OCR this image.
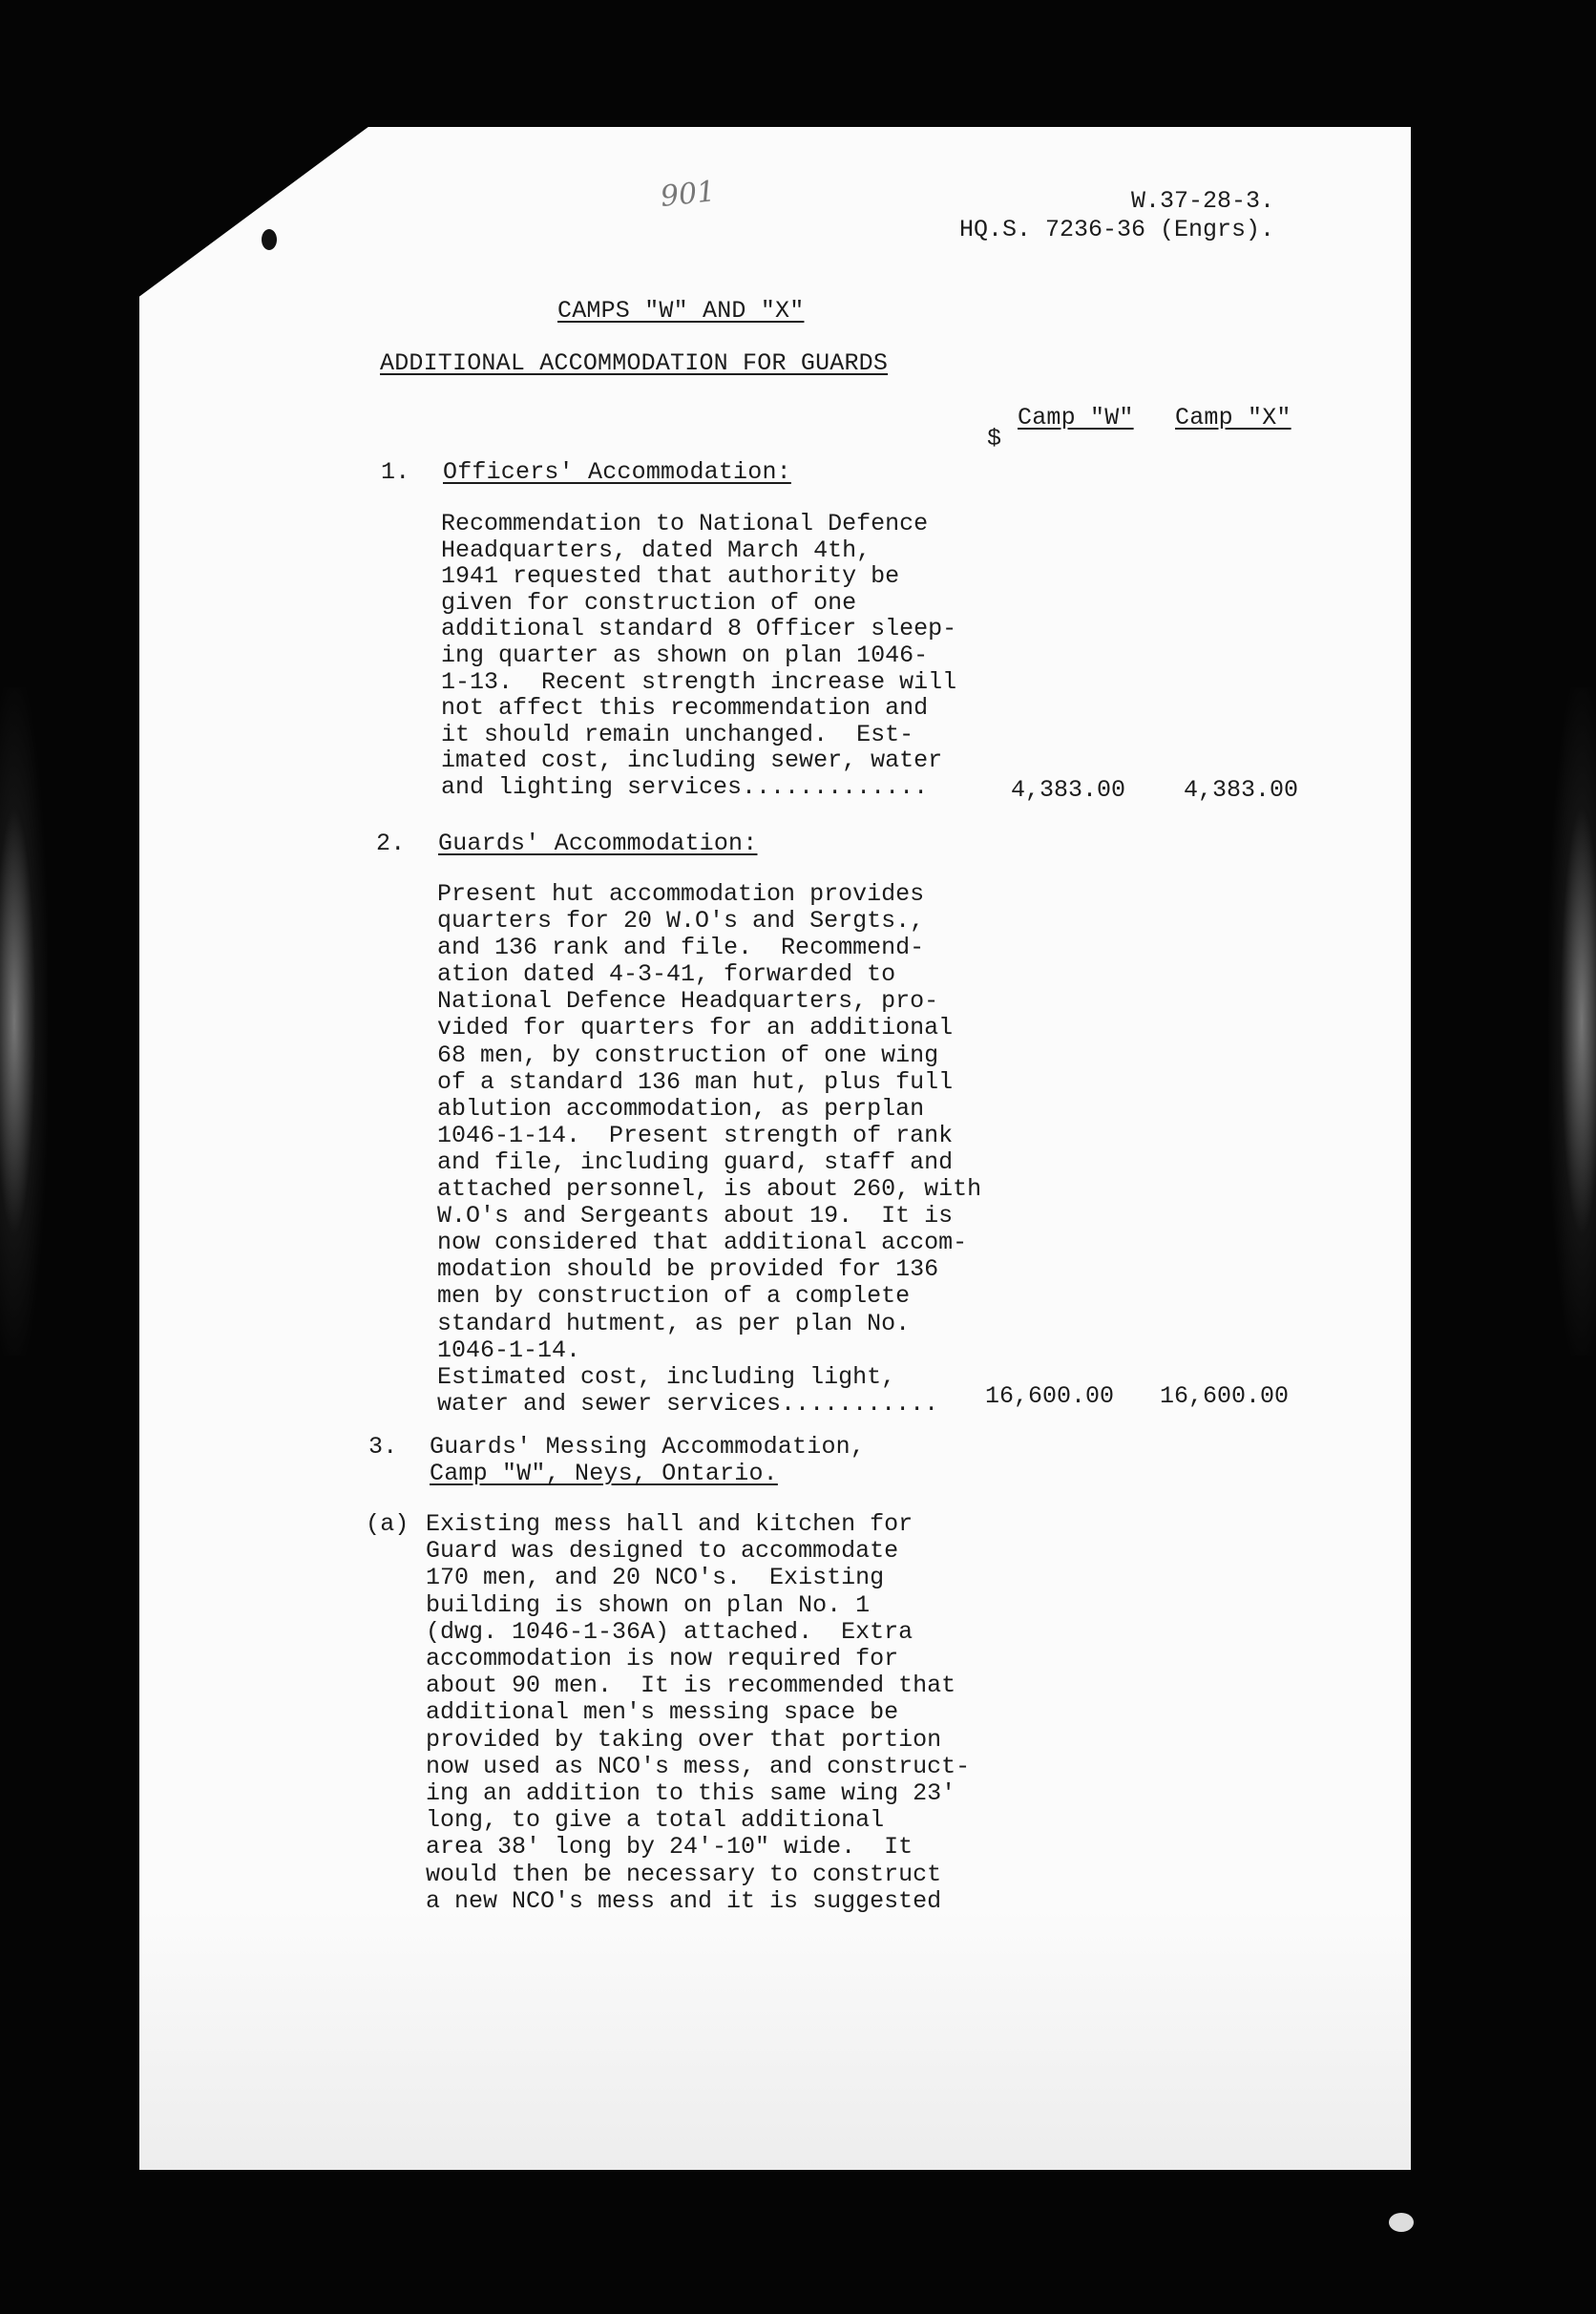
901	W.37-28-3.
HQ.S. 7236-36 (Engrs).
CAMPS "W" AND "X"
ADDITIONAL ACCOMMODATION FOR GUARDS
$
Camp "W" Camp "X"
1. Officers' Accommodation:
Recommendation to National Defence
Headquarters, dated March 4th,
1941 requested that authority be
given for construction of one
additional standard 8 Officer sleep-
ing quarter as shown on plan 1046-
1-13.  Recent strength increase will
not affect this recommendation and
it should remain unchanged.  Est-
imated cost, including sewer, water
and lighting services.............	4,383.00 4,383.00
2. Guards' Accommodation:
Present hut accommodation provides
quarters for 20 W.O's and Sergts.,
and 136 rank and file.  Recommend-
ation dated 4-3-41, forwarded to
National Defence Headquarters, pro-
vided for quarters for an additional
68 men, by construction of one wing
of a standard 136 man hut, plus full
ablution accommodation, as perplan
1046-1-14.  Present strength of rank
and file, including guard, staff and
attached personnel, is about 260, with
W.O's and Sergeants about 19.  It is
now considered that additional accom-
modation should be provided for 136
men by construction of a complete
standard hutment, as per plan No.
1046-1-14.
Estimated cost, including light,
water and sewer services...........	16,600.00 16,600.00
3. Guards' Messing Accommodation,
Camp "W", Neys, Ontario.
(a) Existing mess hall and kitchen for
Guard was designed to accommodate
170 men, and 20 NCO's.  Existing
building is shown on plan No. 1
(dwg. 1046-1-36A) attached.  Extra
accommodation is now required for
about 90 men.  It is recommended that
additional men's messing space be
provided by taking over that portion
now used as NCO's mess, and construct-
ing an addition to this same wing 23'
long, to give a total additional
area 38' long by 24'-10" wide.  It
would then be necessary to construct
a new NCO's mess and it is suggested
